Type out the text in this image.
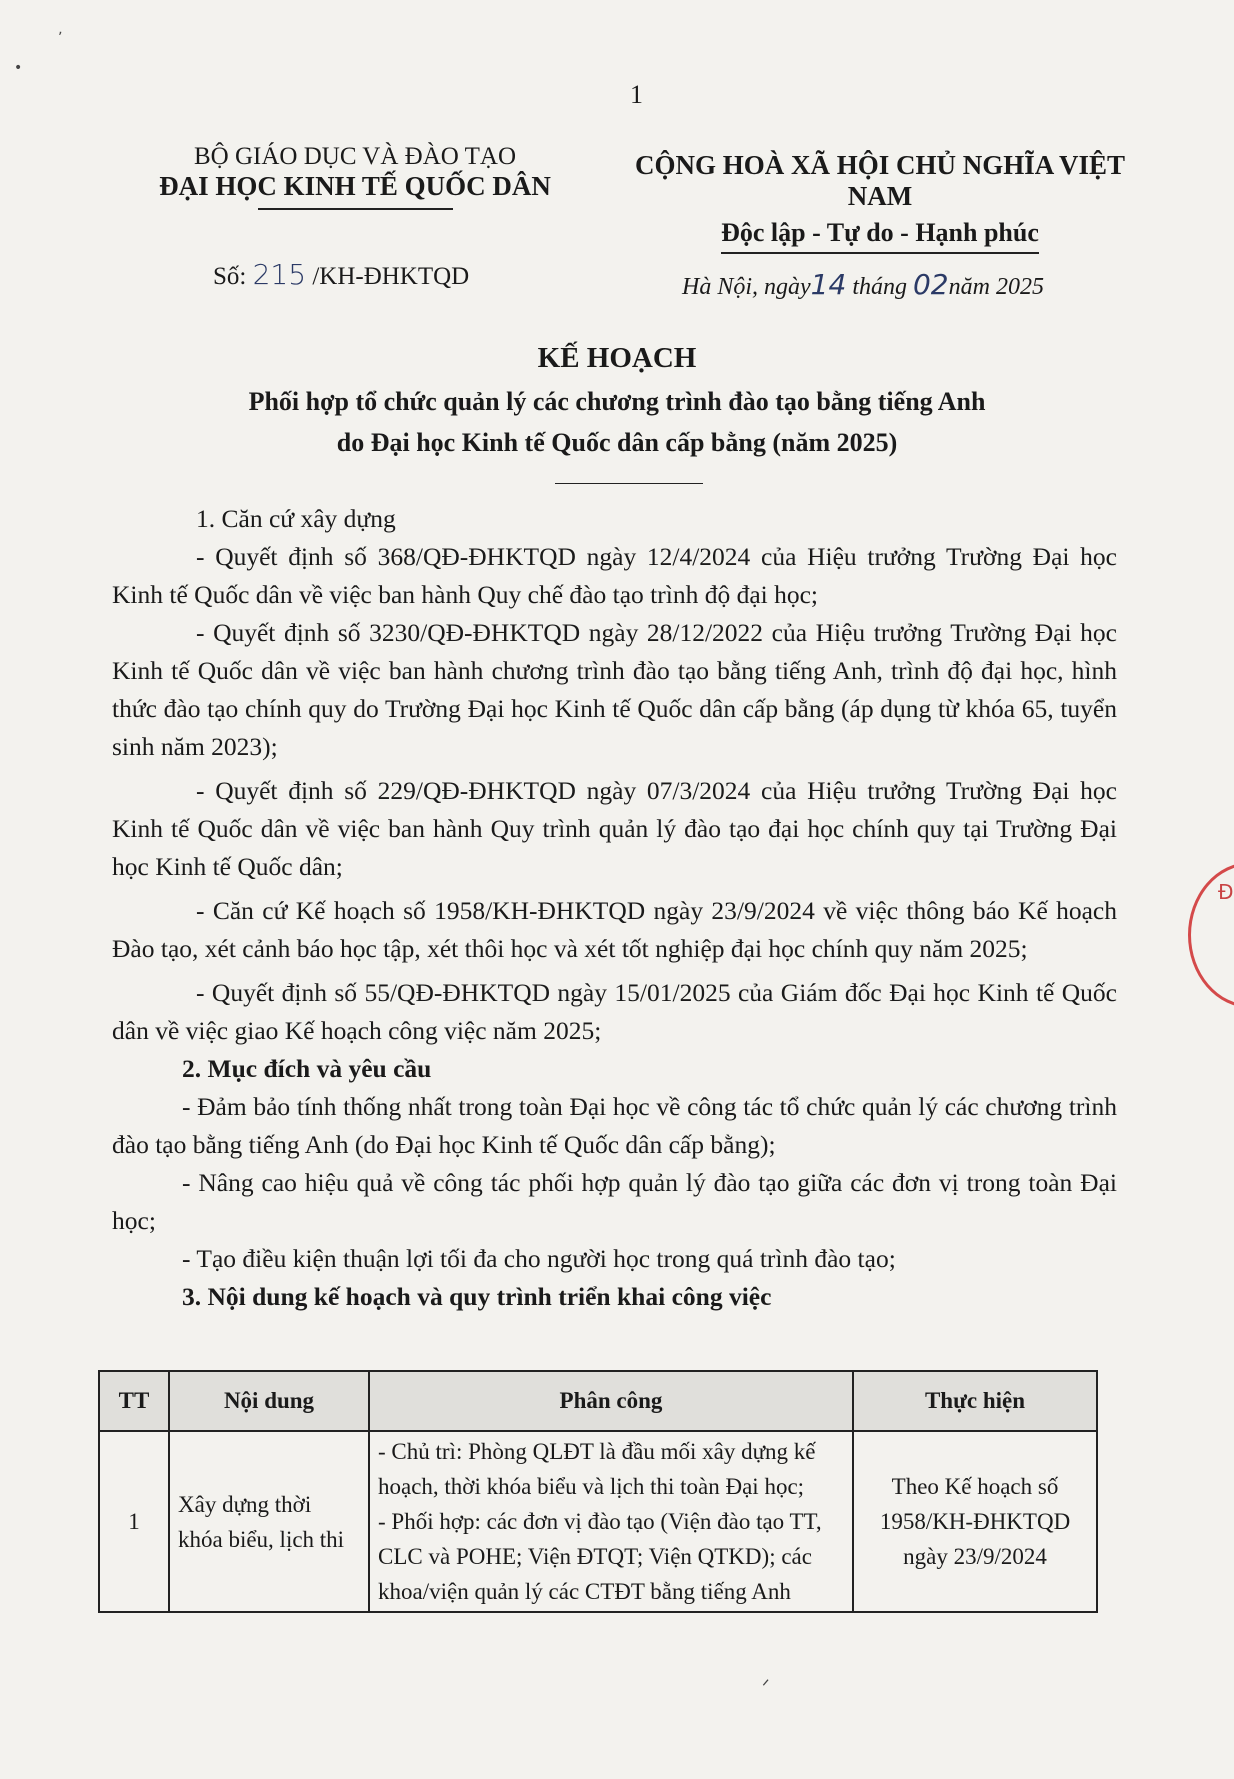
1
BỘ GIÁO DỤC VÀ ĐÀO TẠO
ĐẠI HỌC KINH TẾ QUỐC DÂN
CỘNG HOÀ XÃ HỘI CHỦ NGHĨA VIỆT NAM
Độc lập - Tự do - Hạnh phúc
Số: 215 /KH-ĐHKTQD	Hà Nội, ngày14 tháng 02năm 2025
KẾ HOẠCH
Phối hợp tổ chức quản lý các chương trình đào tạo bằng tiếng Anh
do Đại học Kinh tế Quốc dân cấp bằng (năm 2025)

1. Căn cứ xây dựng

- Quyết định số 368/QĐ-ĐHKTQD ngày 12/4/2024 của Hiệu trưởng Trường Đại học Kinh tế Quốc dân về việc ban hành Quy chế đào tạo trình độ đại học;

- Quyết định số 3230/QĐ-ĐHKTQD ngày 28/12/2022 của Hiệu trưởng Trường Đại học Kinh tế Quốc dân về việc ban hành chương trình đào tạo bằng tiếng Anh, trình độ đại học, hình thức đào tạo chính quy do Trường Đại học Kinh tế Quốc dân cấp bằng (áp dụng từ khóa 65, tuyển sinh năm 2023);

- Quyết định số 229/QĐ-ĐHKTQD ngày 07/3/2024 của Hiệu trưởng Trường Đại học Kinh tế Quốc dân về việc ban hành Quy trình quản lý đào tạo đại học chính quy tại Trường Đại học Kinh tế Quốc dân;

- Căn cứ Kế hoạch số 1958/KH-ĐHKTQD ngày 23/9/2024 về việc thông báo Kế hoạch Đào tạo, xét cảnh báo học tập, xét thôi học và xét tốt nghiệp đại học chính quy năm 2025;

- Quyết định số 55/QĐ-ĐHKTQD ngày 15/01/2025 của Giám đốc Đại học Kinh tế Quốc dân về việc giao Kế hoạch công việc năm 2025;

2. Mục đích và yêu cầu

- Đảm bảo tính thống nhất trong toàn Đại học về công tác tổ chức quản lý các chương trình đào tạo bằng tiếng Anh (do Đại học Kinh tế Quốc dân cấp bằng);

- Nâng cao hiệu quả về công tác phối hợp quản lý đào tạo giữa các đơn vị trong toàn Đại học;

- Tạo điều kiện thuận lợi tối đa cho người học trong quá trình đào tạo;

3. Nội dung kế hoạch và quy trình triển khai công việc

TT	Nội dung	Phân công	Thực hiện
1	Xây dựng thời khóa biểu, lịch thi	- Chủ trì: Phòng QLĐT là đầu mối xây dựng kế hoạch, thời khóa biểu và lịch thi toàn Đại học;
- Phối hợp: các đơn vị đào tạo (Viện đào tạo TT, CLC và POHE; Viện ĐTQT; Viện QTKD); các khoa/viện quản lý các CTĐT bằng tiếng Anh	Theo Kế hoạch số 1958/KH-ĐHKTQD ngày 23/9/2024
Đ
ʼ
•
ᐟ
